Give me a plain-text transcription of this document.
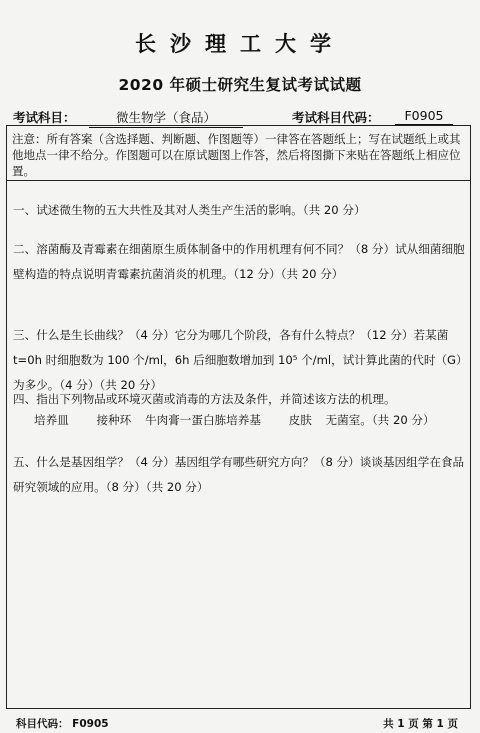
长沙理工大学
2020 年硕士研究生复试考试试题
考试科目：	微生物学（食品）	考试科目代码：	F0905
注意：所有答案（含选择题、判断题、作图题等）一律答在答题纸上；写在试题纸上或其他地点一律不给分。作图题可以在原试题图上作答，然后将图撕下来贴在答题纸上相应位置。
一、试述微生物的五大共性及其对人类生产生活的影响。（共 20 分）
二、溶菌酶及青霉素在细菌原生质体制备中的作用机理有何不同？（8 分）试从细菌细胞壁构造的特点说明青霉素抗菌消炎的机理。（12 分）（共 20 分）
三、什么是生长曲线？（4 分）它分为哪几个阶段，各有什么特点？（12 分）若某菌 t=0h 时细胞数为 100 个/ml，6h 后细胞数增加到 10⁵ 个/ml，试计算此菌的代时（G）为多少。（4 分）（共 20 分）
四、指出下列物品或环境灭菌或消毒的方法及条件，并简述该方法的机理。
培养皿 接种环 牛肉膏一蛋白胨培养基 皮肤 无菌室。（共 20 分）
五、什么是基因组学？（4 分）基因组学有哪些研究方向？（8 分）谈谈基因组学在食品研究领域的应用。（8 分）（共 20 分）
科目代码： F0905	共 1 页 第 1 页
